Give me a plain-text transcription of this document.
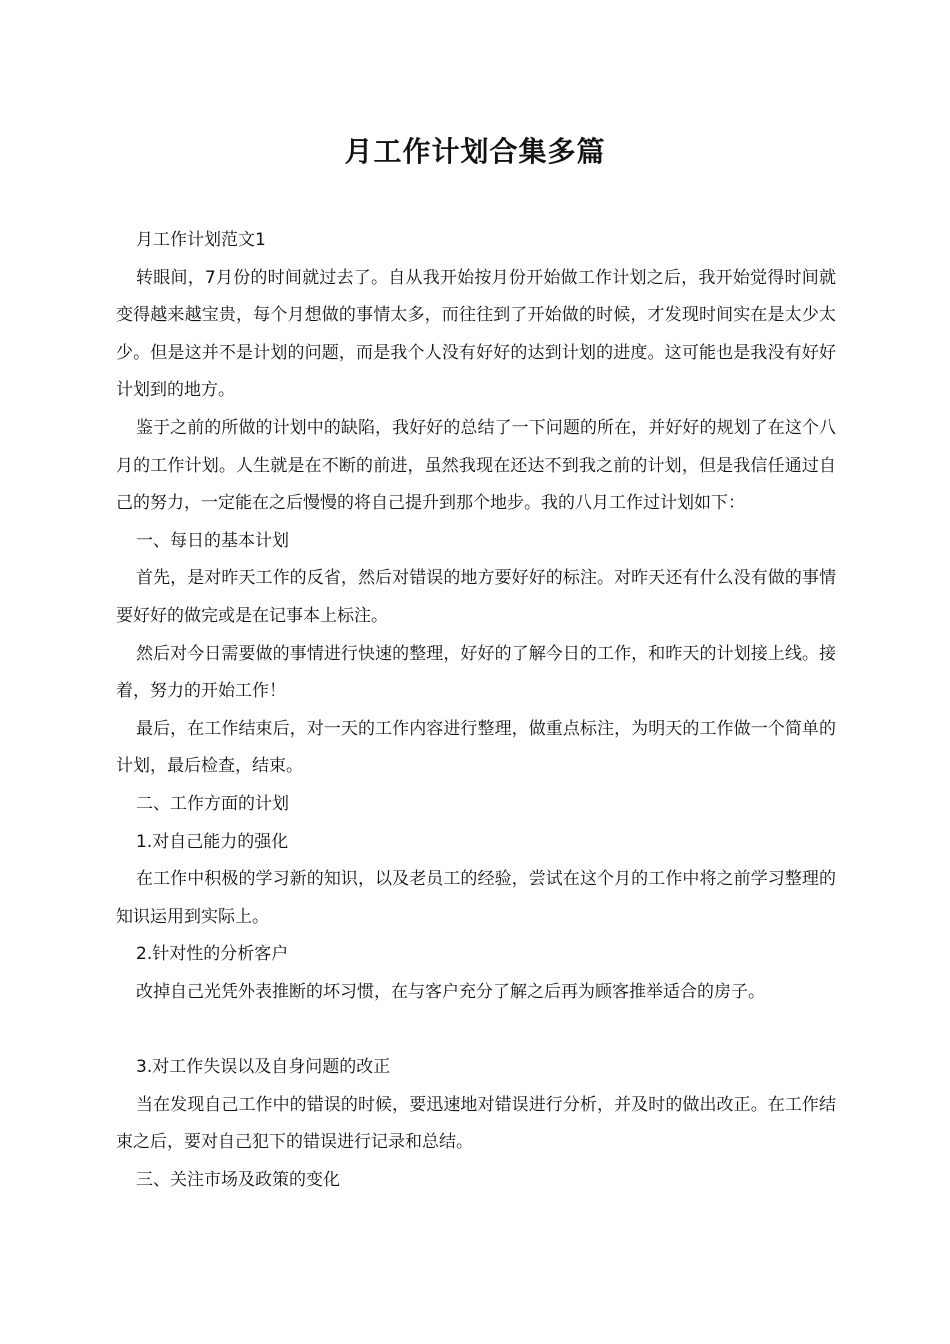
月工作计划合集多篇

月工作计划范文1

转眼间，7月份的时间就过去了。自从我开始按月份开始做工作计划之后，我开始觉得时间就变得越来越宝贵，每个月想做的事情太多，而往往到了开始做的时候，才发现时间实在是太少太少。但是这并不是计划的问题，而是我个人没有好好的达到计划的进度。这可能也是我没有好好计划到的地方。

鉴于之前的所做的计划中的缺陷，我好好的总结了一下问题的所在，并好好的规划了在这个八月的工作计划。人生就是在不断的前进，虽然我现在还达不到我之前的计划，但是我信任通过自己的努力，一定能在之后慢慢的将自己提升到那个地步。我的八月工作过计划如下：

一、每日的基本计划

首先，是对昨天工作的反省，然后对错误的地方要好好的标注。对昨天还有什么没有做的事情要好好的做完或是在记事本上标注。

然后对今日需要做的事情进行快速的整理，好好的了解今日的工作，和昨天的计划接上线。接着，努力的开始工作！

最后，在工作结束后，对一天的工作内容进行整理，做重点标注，为明天的工作做一个简单的计划，最后检查，结束。

二、工作方面的计划

1.对自己能力的强化

在工作中积极的学习新的知识，以及老员工的经验，尝试在这个月的工作中将之前学习整理的知识运用到实际上。

2.针对性的分析客户

改掉自己光凭外表推断的坏习惯，在与客户充分了解之后再为顾客推举适合的房子。

3.对工作失误以及自身问题的改正

当在发现自己工作中的错误的时候，要迅速地对错误进行分析，并及时的做出改正。在工作结束之后，要对自己犯下的错误进行记录和总结。

三、关注市场及政策的变化
